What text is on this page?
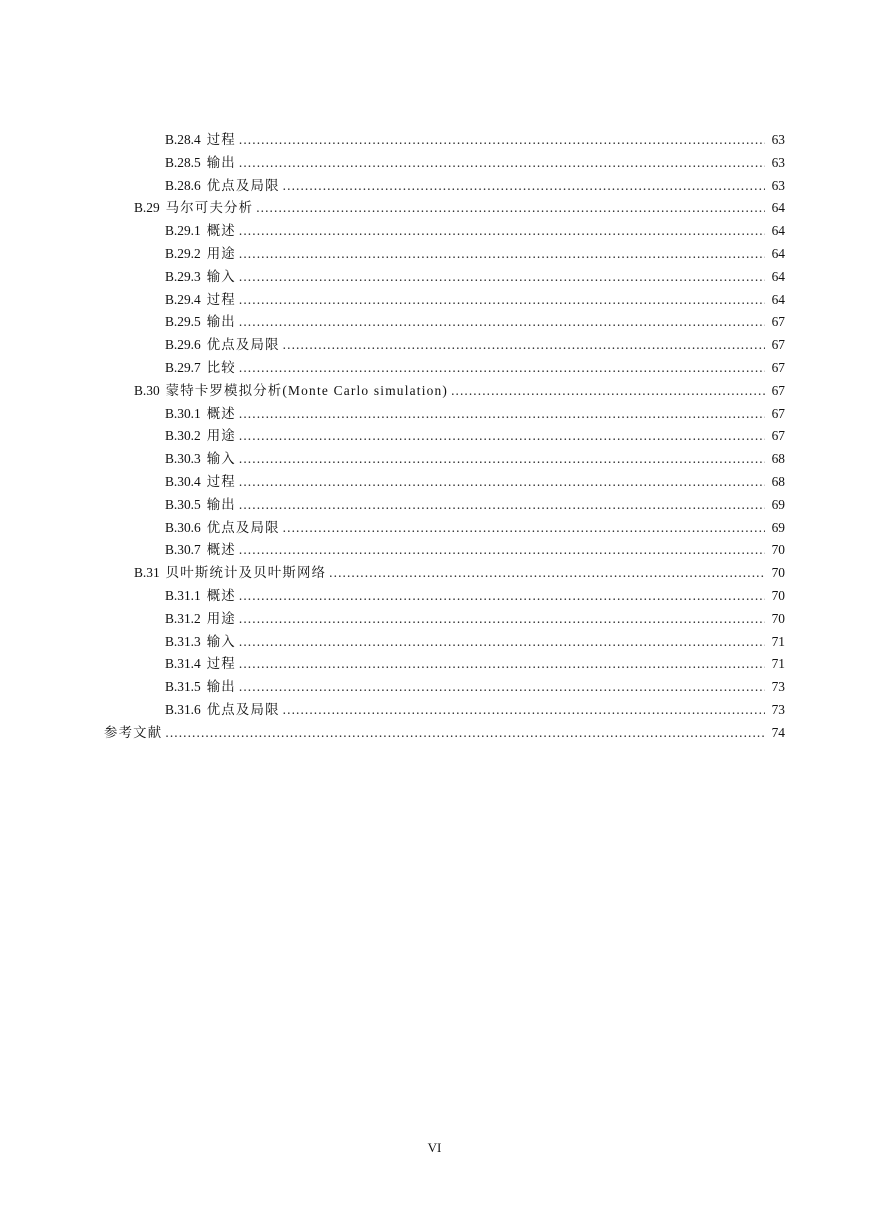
B.28.4 过程 .....	63
B.28.5 输出 .....	63
B.28.6 优点及局限 .....	63
B.29 马尔可夫分析 .....	64
B.29.1 概述 .....	64
B.29.2 用途 .....	64
B.29.3 输入 .....	64
B.29.4 过程 .....	64
B.29.5 输出 .....	67
B.29.6 优点及局限 .....	67
B.29.7 比较 .....	67
B.30 蒙特卡罗模拟分析(Monte Carlo simulation) .....	67
B.30.1 概述 .....	67
B.30.2 用途 .....	67
B.30.3 输入 .....	68
B.30.4 过程 .....	68
B.30.5 输出 .....	69
B.30.6 优点及局限 .....	69
B.30.7 概述 .....	70
B.31 贝叶斯统计及贝叶斯网络 .....	70
B.31.1 概述 .....	70
B.31.2 用途 .....	70
B.31.3 输入 .....	71
B.31.4 过程 .....	71
B.31.5 输出 .....	73
B.31.6 优点及局限 .....	73
参考文献 .....	74
VI
